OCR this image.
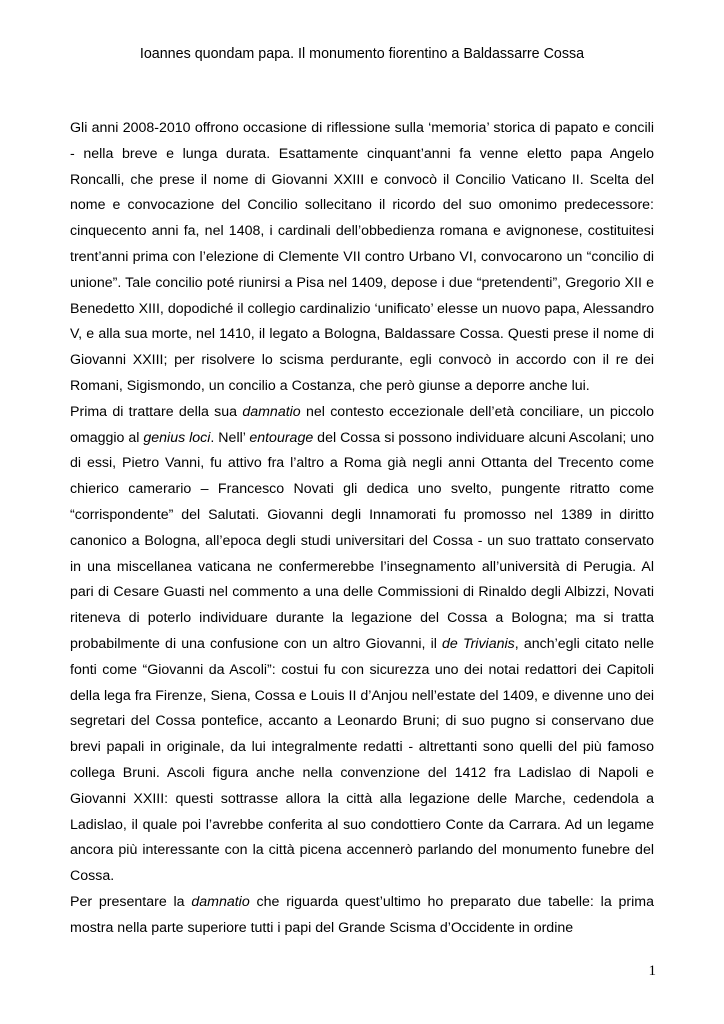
Ioannes quondam papa. Il monumento fiorentino a Baldassarre Cossa

Gli anni 2008-2010 offrono occasione di riflessione sulla ‘memoria’ storica di papato e concili - nella breve e lunga durata. Esattamente cinquant’anni fa venne eletto papa Angelo Roncalli, che prese il nome di Giovanni XXIII e convocò il Concilio Vaticano II. Scelta del nome e convocazione del Concilio sollecitano il ricordo del suo omonimo predecessore: cinquecento anni fa, nel 1408, i cardinali dell’obbedienza romana e avignonese, costituitesi trent’anni prima con l’elezione di Clemente VII contro Urbano VI, convocarono un “concilio di unione”. Tale concilio poté riunirsi a Pisa nel 1409, depose i due “pretendenti”, Gregorio XII e Benedetto XIII, dopodiché il collegio cardinalizio ‘unificato’ elesse un nuovo papa, Alessandro V, e alla sua morte, nel 1410, il legato a Bologna, Baldassare Cossa. Questi prese il nome di Giovanni XXIII; per risolvere lo scisma perdurante, egli convocò in accordo con il re dei Romani, Sigismondo, un concilio a Costanza, che però giunse a deporre anche lui.

Prima di trattare della sua damnatio nel contesto eccezionale dell’età conciliare, un piccolo omaggio al genius loci. Nell’ entourage del Cossa si possono individuare alcuni Ascolani; uno di essi, Pietro Vanni, fu attivo fra l’altro a Roma già negli anni Ottanta del Trecento come chierico camerario – Francesco Novati gli dedica uno svelto, pungente ritratto come “corrispondente” del Salutati. Giovanni degli Innamorati fu promosso nel 1389 in diritto canonico a Bologna, all’epoca degli studi universitari del Cossa - un suo trattato conservato in una miscellanea vaticana ne confermerebbe l’insegnamento all’università di Perugia. Al pari di Cesare Guasti nel commento a una delle Commissioni di Rinaldo degli Albizzi, Novati riteneva di poterlo individuare durante la legazione del Cossa a Bologna; ma si tratta probabilmente di una confusione con un altro Giovanni, il de Trivianis, anch’egli citato nelle fonti come “Giovanni da Ascoli”: costui fu con sicurezza uno dei notai redattori dei Capitoli della lega fra Firenze, Siena, Cossa e Louis II d’Anjou nell’estate del 1409, e divenne uno dei segretari del Cossa pontefice, accanto a Leonardo Bruni; di suo pugno si conservano due brevi papali in originale, da lui integralmente redatti - altrettanti sono quelli del più famoso collega Bruni. Ascoli figura anche nella convenzione del 1412 fra Ladislao di Napoli e Giovanni XXIII: questi sottrasse allora la città alla legazione delle Marche, cedendola a Ladislao, il quale poi l’avrebbe conferita al suo condottiero Conte da Carrara. Ad un legame ancora più interessante con la città picena accennerò parlando del monumento funebre del Cossa.

Per presentare la damnatio che riguarda quest’ultimo ho preparato due tabelle: la prima mostra nella parte superiore tutti i papi del Grande Scisma d’Occidente in ordine

1
